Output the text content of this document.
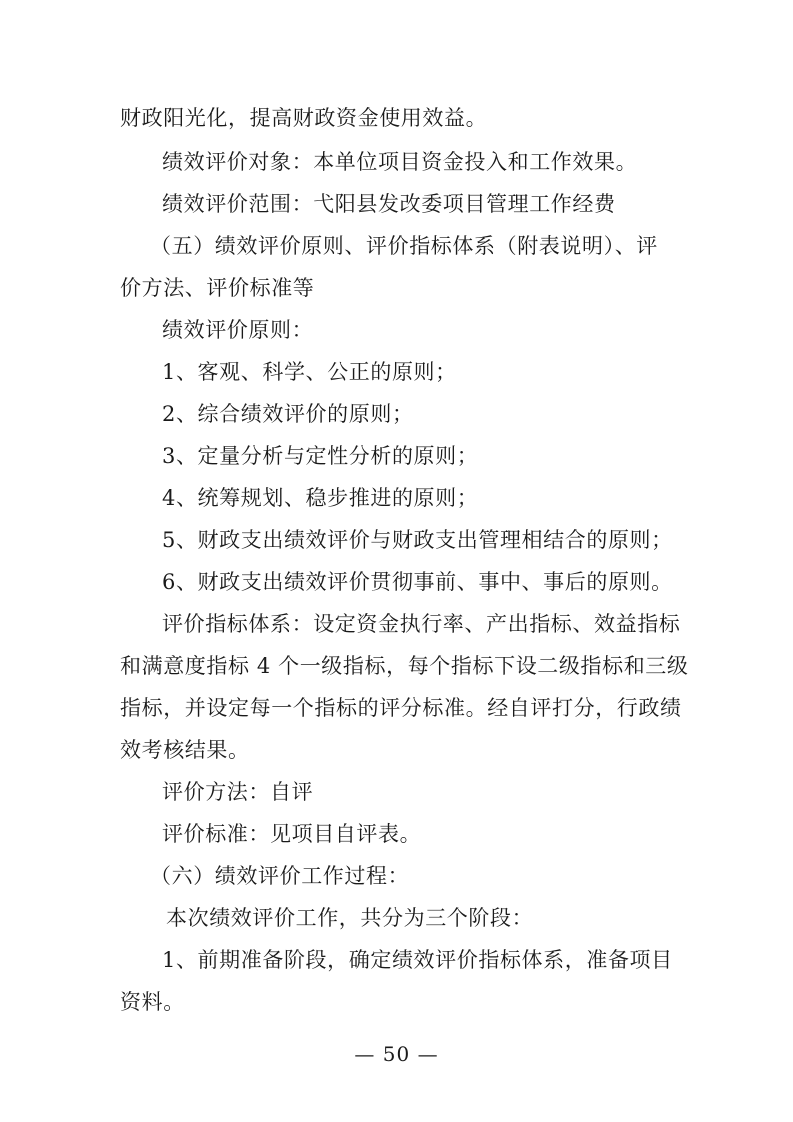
财政阳光化，提高财政资金使用效益。
绩效评价对象：本单位项目资金投入和工作效果。
绩效评价范围：弋阳县发改委项目管理工作经费
（五）绩效评价原则、评价指标体系（附表说明）、评
价方法、评价标准等
绩效评价原则：
1、客观、科学、公正的原则；
2、综合绩效评价的原则；
3、定量分析与定性分析的原则；
4、统筹规划、稳步推进的原则；
5、财政支出绩效评价与财政支出管理相结合的原则；
6、财政支出绩效评价贯彻事前、事中、事后的原则。
评价指标体系：设定资金执行率、产出指标、效益指标
和满意度指标 4 个一级指标，每个指标下设二级指标和三级
指标，并设定每一个指标的评分标准。经自评打分，行政绩
效考核结果。
评价方法：自评
评价标准：见项目自评表。
（六）绩效评价工作过程：
本次绩效评价工作，共分为三个阶段：
1、前期准备阶段，确定绩效评价指标体系，准备项目
资料。
— 50 —
